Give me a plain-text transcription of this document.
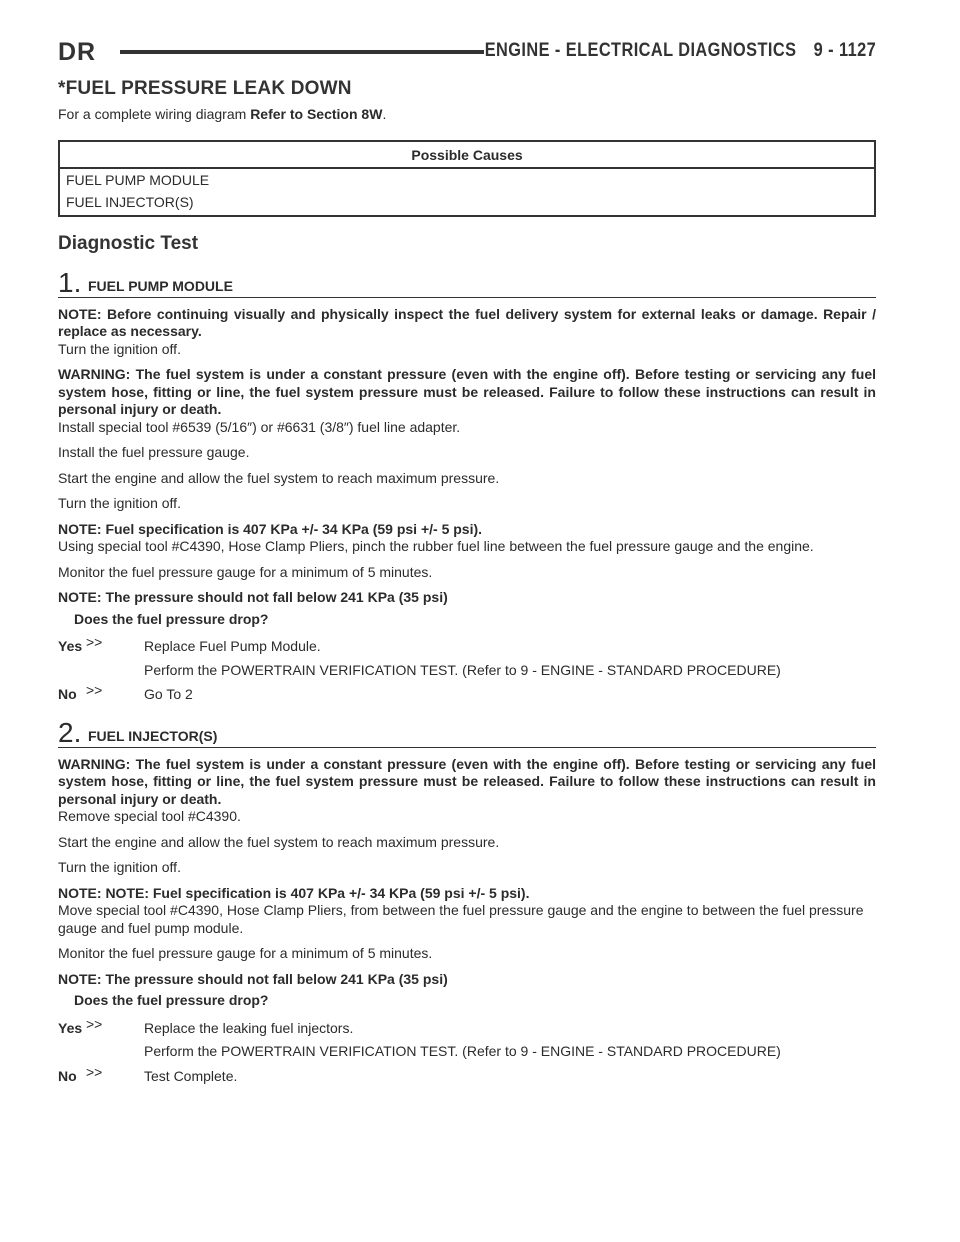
DR	ENGINE - ELECTRICAL DIAGNOSTICS 9 - 1127
*FUEL PRESSURE LEAK DOWN

For a complete wiring diagram Refer to Section 8W.

Possible Causes
FUEL PUMP MODULE
FUEL INJECTOR(S)
Diagnostic Test
1. FUEL PUMP MODULE

NOTE: Before continuing visually and physically inspect the fuel delivery system for external leaks or damage. Repair / replace as necessary.

Turn the ignition off.

WARNING: The fuel system is under a constant pressure (even with the engine off). Before testing or servicing any fuel system hose, fitting or line, the fuel system pressure must be released. Failure to follow these instructions can result in personal injury or death.

Install special tool #6539 (5/16″) or #6631 (3/8″) fuel line adapter.

Install the fuel pressure gauge.

Start the engine and allow the fuel system to reach maximum pressure.

Turn the ignition off.

NOTE: Fuel specification is 407 KPa +/- 34 KPa (59 psi +/- 5 psi).

Using special tool #C4390, Hose Clamp Pliers, pinch the rubber fuel line between the fuel pressure gauge and the engine.

Monitor the fuel pressure gauge for a minimum of 5 minutes.

NOTE: The pressure should not fall below 241 KPa (35 psi)

Does the fuel pressure drop?

Yes >>	Replace Fuel Pump Module.
Perform the POWERTRAIN VERIFICATION TEST. (Refer to 9 - ENGINE - STANDARD PROCEDURE)
No >>	Go To 2
2. FUEL INJECTOR(S)

WARNING: The fuel system is under a constant pressure (even with the engine off). Before testing or servicing any fuel system hose, fitting or line, the fuel system pressure must be released. Failure to follow these instructions can result in personal injury or death.

Remove special tool #C4390.

Start the engine and allow the fuel system to reach maximum pressure.

Turn the ignition off.

NOTE: NOTE: Fuel specification is 407 KPa +/- 34 KPa (59 psi +/- 5 psi).

Move special tool #C4390, Hose Clamp Pliers, from between the fuel pressure gauge and the engine to between the fuel pressure gauge and fuel pump module.

Monitor the fuel pressure gauge for a minimum of 5 minutes.

NOTE: The pressure should not fall below 241 KPa (35 psi)

Does the fuel pressure drop?

Yes >>	Replace the leaking fuel injectors.
Perform the POWERTRAIN VERIFICATION TEST. (Refer to 9 - ENGINE - STANDARD PROCEDURE)
No >>	Test Complete.
